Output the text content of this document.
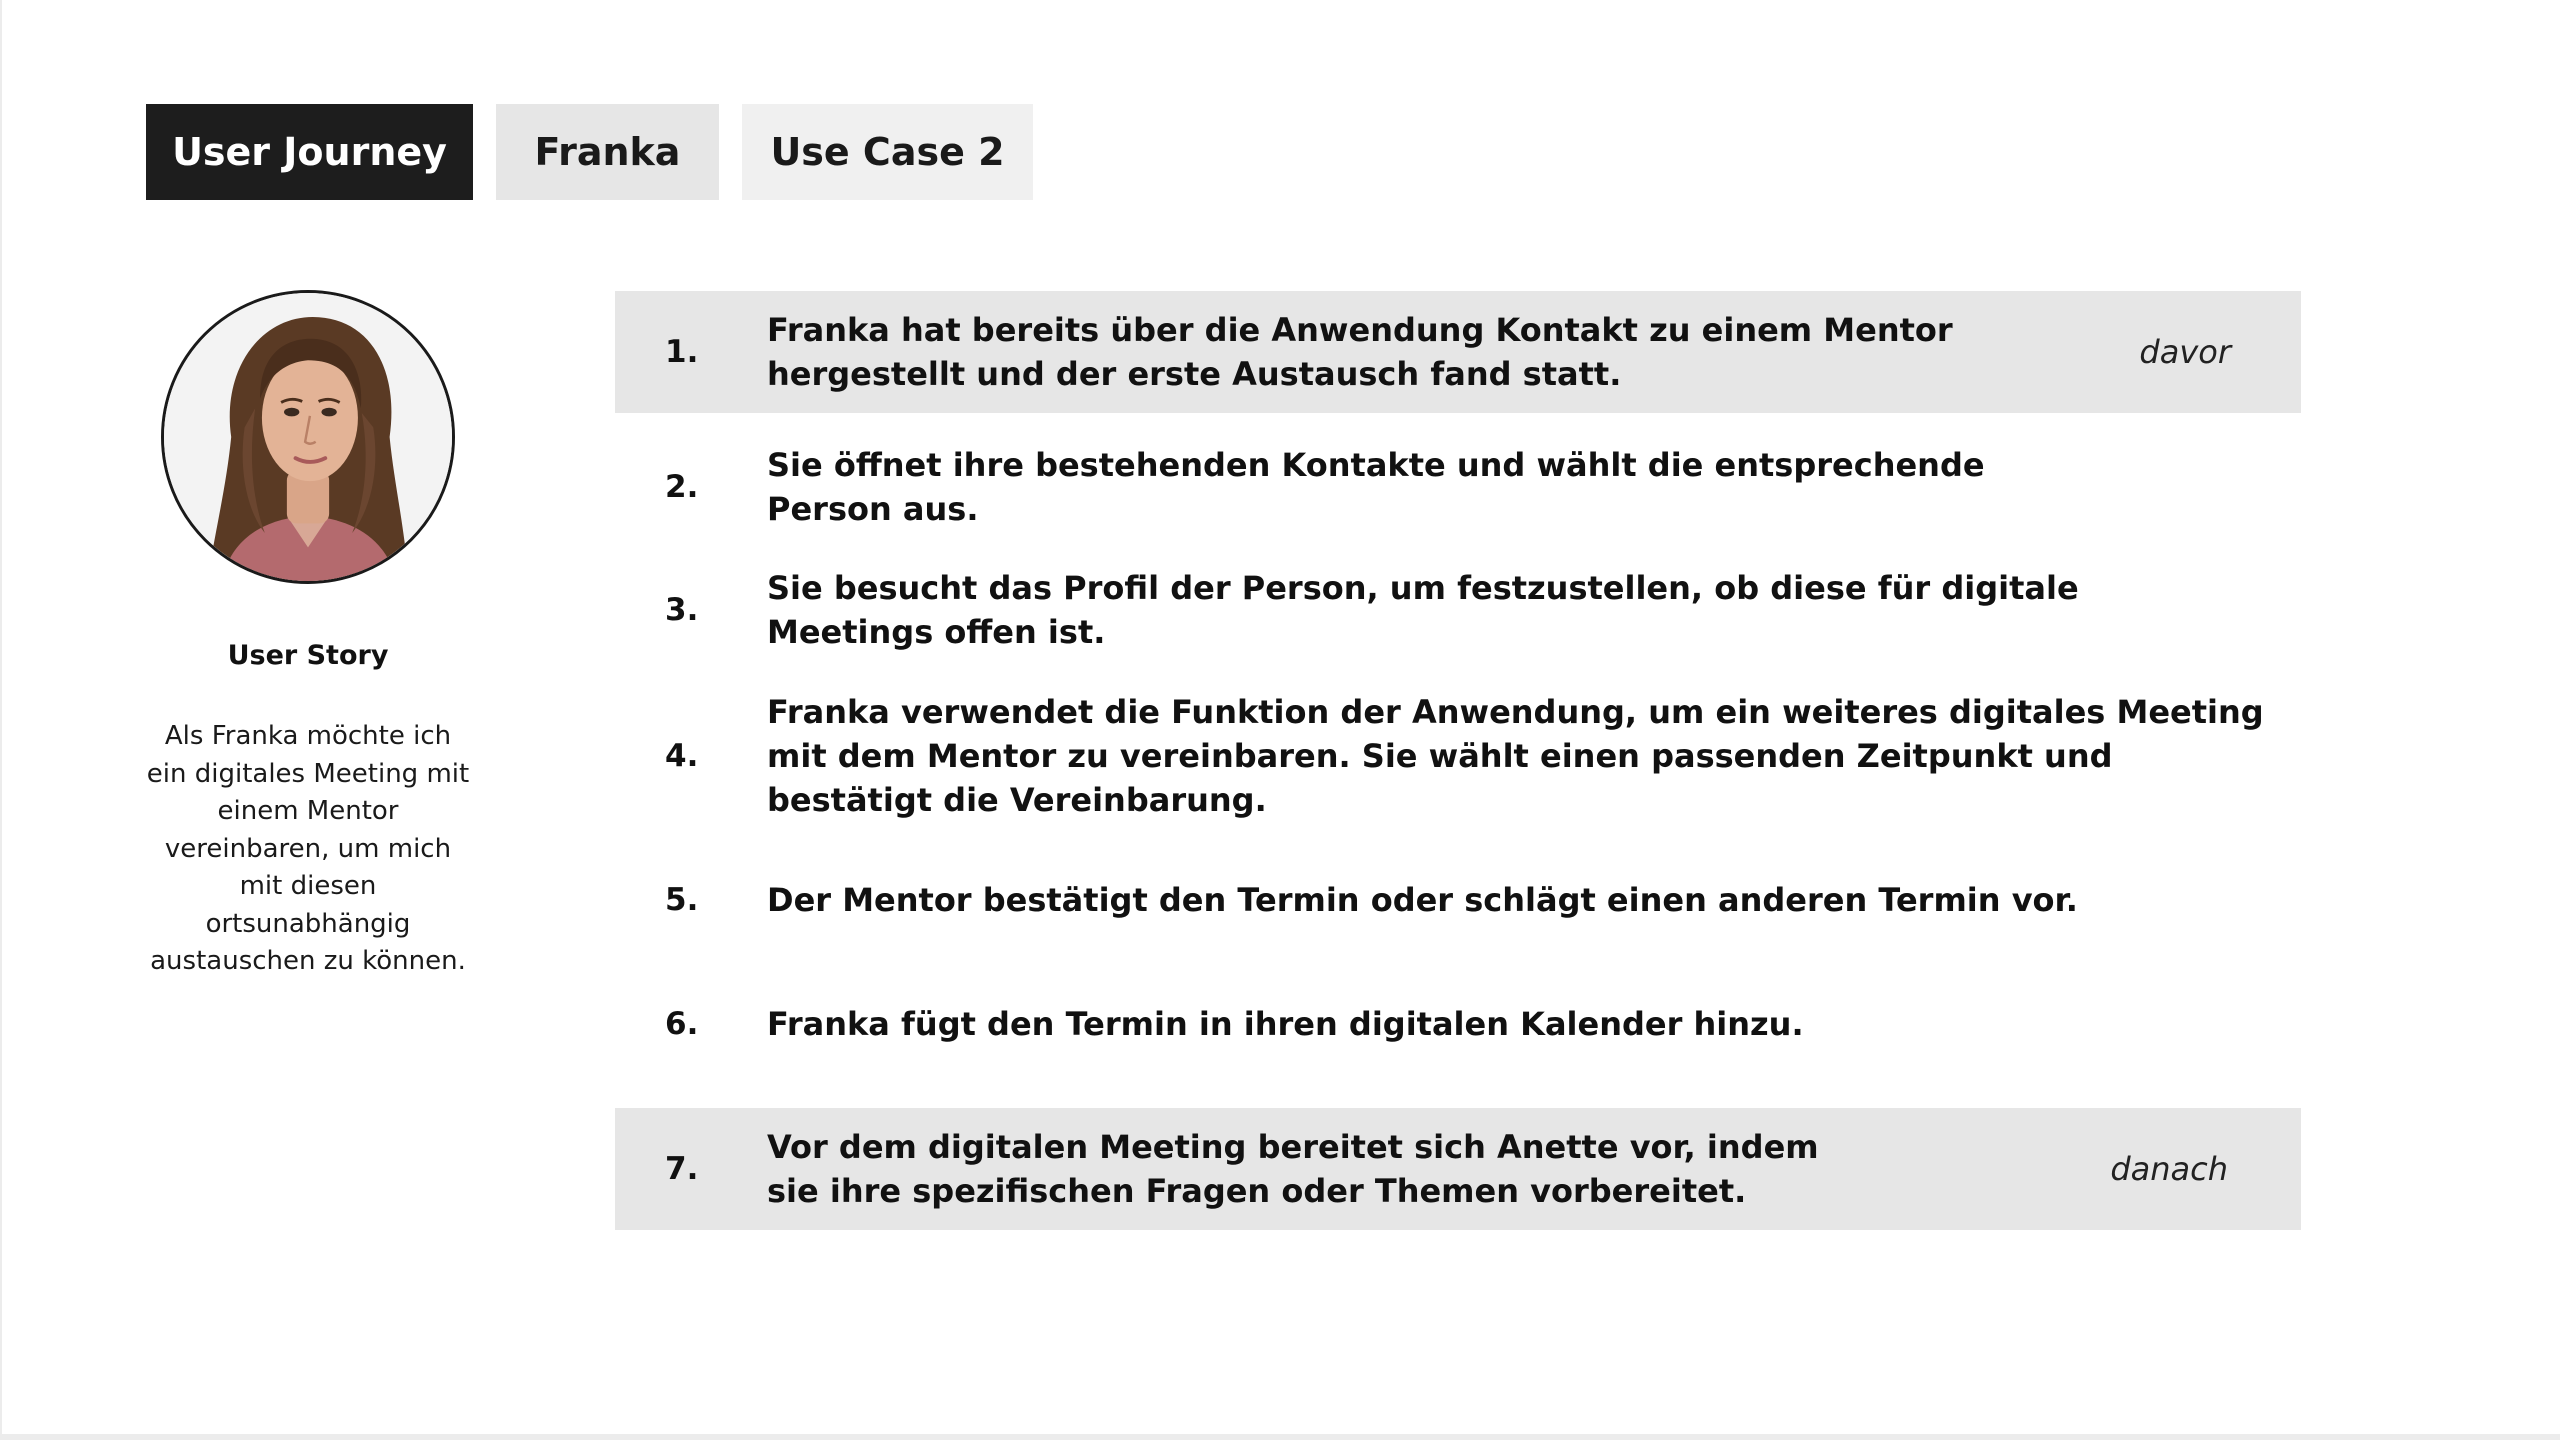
User Journey	Franka	Use Case 2
User Story
Als Franka möchte ich ein digitales Meeting mit einem Mentor vereinbaren, um mich mit diesen ortsunabhängig austauschen zu können.
1.
Franka hat bereits über die Anwendung Kontakt zu einem Mentor hergestellt und der erste Austausch fand statt.
davor
2.
Sie öffnet ihre bestehenden Kontakte und wählt die entsprechende Person aus.
3.
Sie besucht das Profil der Person, um festzustellen, ob diese für digitale Meetings offen ist.
4.
Franka verwendet die Funktion der Anwendung, um ein weiteres digitales Meeting mit dem Mentor zu vereinbaren. Sie wählt einen passenden Zeitpunkt und bestätigt die Vereinbarung.
5. Der Mentor bestätigt den Termin oder schlägt einen anderen Termin vor.
6. Franka fügt den Termin in ihren digitalen Kalender hinzu.
7.
Vor dem digitalen Meeting bereitet sich Anette vor, indem sie ihre spezifischen Fragen oder Themen vorbereitet.
danach
